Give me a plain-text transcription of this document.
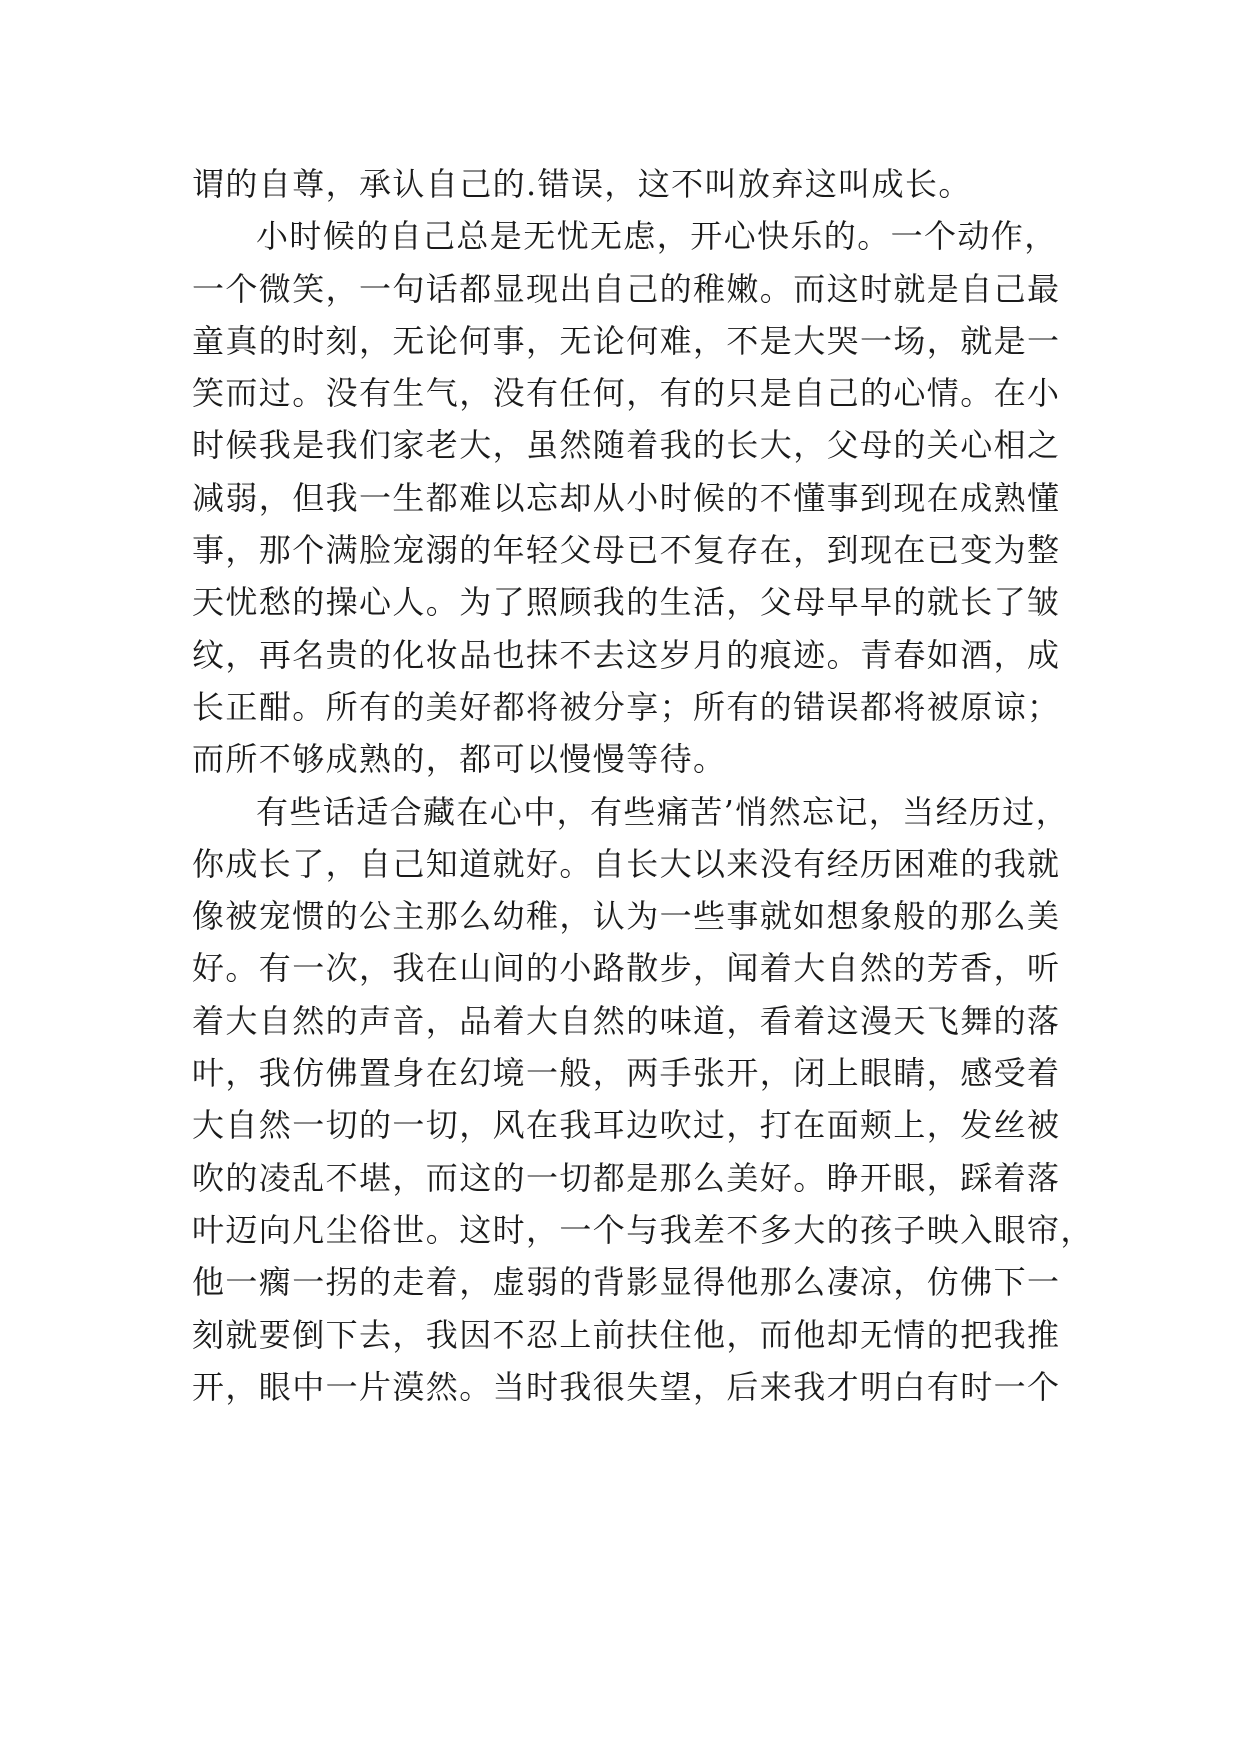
谓的自尊，承认自己的.错误，这不叫放弃这叫成长。
小时候的自己总是无忧无虑，开心快乐的。一个动作，
一个微笑，一句话都显现出自己的稚嫩。而这时就是自己最
童真的时刻，无论何事，无论何难，不是大哭一场，就是一
笑而过。没有生气，没有任何，有的只是自己的心情。在小
时候我是我们家老大，虽然随着我的长大，父母的关心相之
减弱，但我一生都难以忘却从小时候的不懂事到现在成熟懂
事，那个满脸宠溺的年轻父母已不复存在，到现在已变为整
天忧愁的操心人。为了照顾我的生活，父母早早的就长了皱
纹，再名贵的化妆品也抹不去这岁月的痕迹。青春如酒，成
长正酣。所有的美好都将被分享；所有的错误都将被原谅；
而所不够成熟的，都可以慢慢等待。
有些话适合藏在心中，有些痛苦’悄然忘记，当经历过，
你成长了，自己知道就好。自长大以来没有经历困难的我就
像被宠惯的公主那么幼稚，认为一些事就如想象般的那么美
好。有一次，我在山间的小路散步，闻着大自然的芳香，听
着大自然的声音，品着大自然的味道，看着这漫天飞舞的落
叶，我仿佛置身在幻境一般，两手张开，闭上眼睛，感受着
大自然一切的一切，风在我耳边吹过，打在面颊上，发丝被
吹的凌乱不堪，而这的一切都是那么美好。睁开眼，踩着落
叶迈向凡尘俗世。这时，一个与我差不多大的孩子映入眼帘，
他一瘸一拐的走着，虚弱的背影显得他那么凄凉，仿佛下一
刻就要倒下去，我因不忍上前扶住他，而他却无情的把我推
开，眼中一片漠然。当时我很失望，后来我才明白有时一个
